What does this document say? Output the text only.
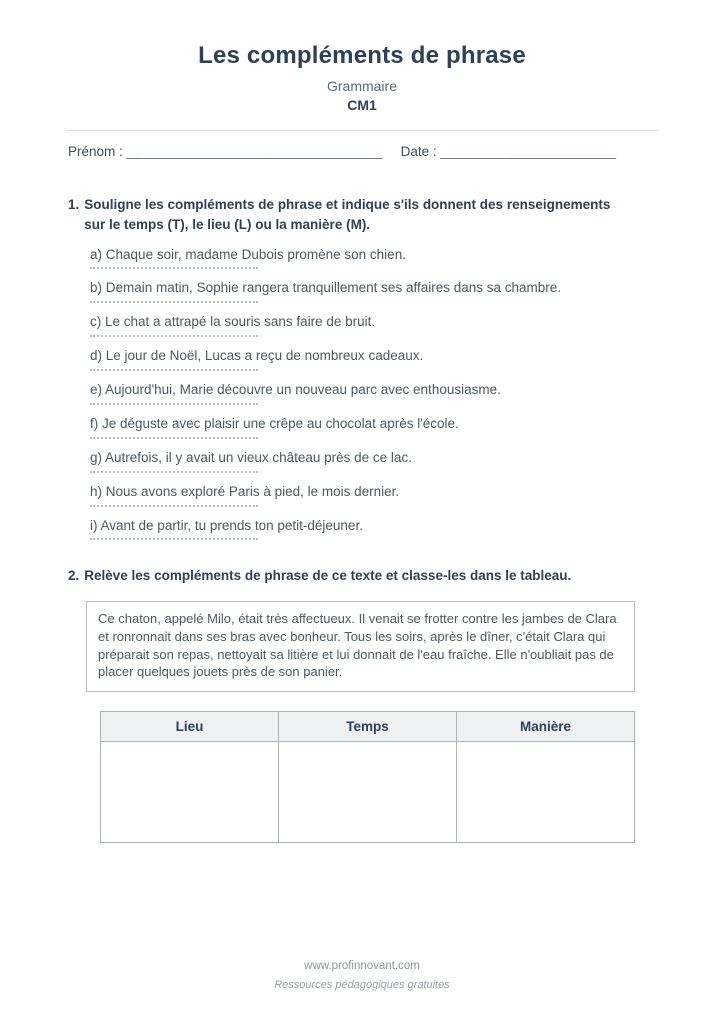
Les compléments de phrase
Grammaire
CM1
Prénom : ________________________________ Date : ______________________
1. Souligne les compléments de phrase et indique s'ils donnent des renseignements sur le temps (T), le lieu (L) ou la manière (M).
a) Chaque soir, madame Dubois promène son chien.
b) Demain matin, Sophie rangera tranquillement ses affaires dans sa chambre.
c) Le chat a attrapé la souris sans faire de bruit.
d) Le jour de Noël, Lucas a reçu de nombreux cadeaux.
e) Aujourd'hui, Marie découvre un nouveau parc avec enthousiasme.
f) Je déguste avec plaisir une crêpe au chocolat après l'école.
g) Autrefois, il y avait un vieux château près de ce lac.
h) Nous avons exploré Paris à pied, le mois dernier.
i) Avant de partir, tu prends ton petit-déjeuner.
2. Relève les compléments de phrase de ce texte et classe-les dans le tableau.
Ce chaton, appelé Milo, était très affectueux. Il venait se frotter contre les jambes de Clara et ronronnait dans ses bras avec bonheur. Tous les soirs, après le dîner, c'était Clara qui préparait son repas, nettoyait sa litière et lui donnait de l'eau fraîche. Elle n'oubliait pas de placer quelques jouets près de son panier.
Lieu	Temps	Manière

www.profinnovant.com
Ressources pédagogiques gratuites
